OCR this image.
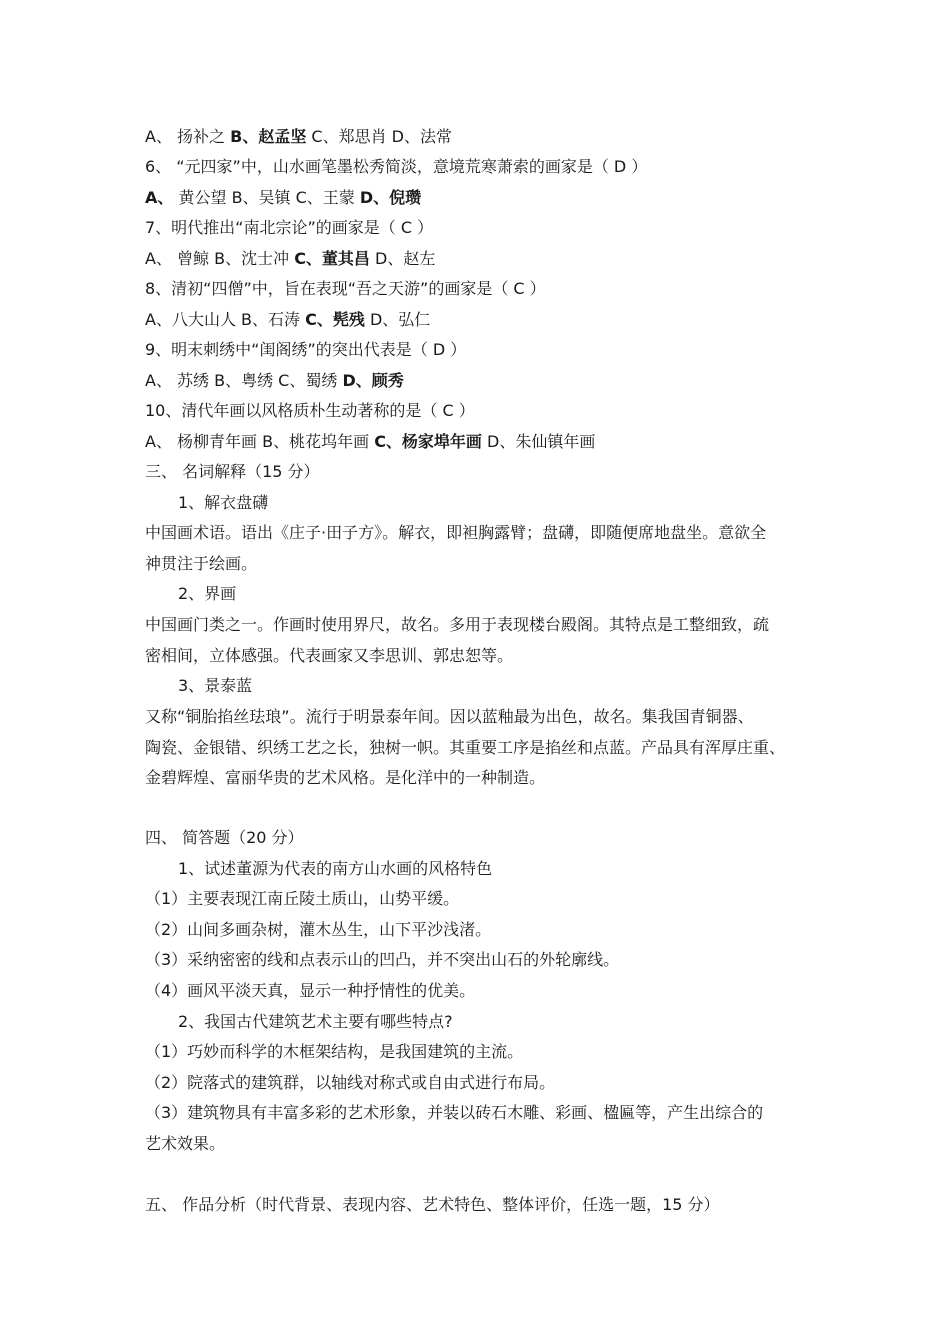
A、 扬补之 B、赵孟坚 C、郑思肖 D、法常
6、 “元四家”中，山水画笔墨松秀简淡，意境荒寒萧索的画家是（ D ）
A、 黄公望 B、吴镇 C、王蒙 D、倪瓒
7、明代推出“南北宗论”的画家是（ C ）
A、 曾鲸 B、沈士冲 C、董其昌 D、赵左
8、清初“四僧”中，旨在表现“吾之天游”的画家是（ C ）
A、八大山人 B、石涛 C、髡残 D、弘仁
9、明末刺绣中“闺阁绣”的突出代表是（ D ）
A、 苏绣 B、粤绣 C、蜀绣 D、顾秀
10、清代年画以风格质朴生动著称的是（ C ）
A、 杨柳青年画 B、桃花坞年画 C、杨家埠年画 D、朱仙镇年画
三、 名词解释（15 分）
1、解衣盘礴
中国画术语。语出《庄子·田子方》。解衣，即袒胸露臂；盘礴，即随便席地盘坐。意欲全
神贯注于绘画。
2、界画
中国画门类之一。作画时使用界尺，故名。多用于表现楼台殿阁。其特点是工整细致，疏
密相间，立体感强。代表画家又李思训、郭忠恕等。
3、景泰蓝
又称“铜胎掐丝珐琅”。流行于明景泰年间。因以蓝釉最为出色，故名。集我国青铜器、
陶瓷、金银错、织绣工艺之长，独树一帜。其重要工序是掐丝和点蓝。产品具有浑厚庄重、
金碧辉煌、富丽华贵的艺术风格。是化洋中的一种制造。
四、 简答题（20 分）
1、试述董源为代表的南方山水画的风格特色
（1）主要表现江南丘陵土质山，山势平缓。
（2）山间多画杂树，灌木丛生，山下平沙浅渚。
（3）采纳密密的线和点表示山的凹凸，并不突出山石的外轮廓线。
（4）画风平淡天真，显示一种抒情性的优美。
2、我国古代建筑艺术主要有哪些特点?
（1）巧妙而科学的木框架结构，是我国建筑的主流。
（2）院落式的建筑群，以轴线对称式或自由式进行布局。
（3）建筑物具有丰富多彩的艺术形象，并装以砖石木雕、彩画、楹匾等，产生出综合的
艺术效果。
五、 作品分析（时代背景、表现内容、艺术特色、整体评价，任选一题，15 分）
